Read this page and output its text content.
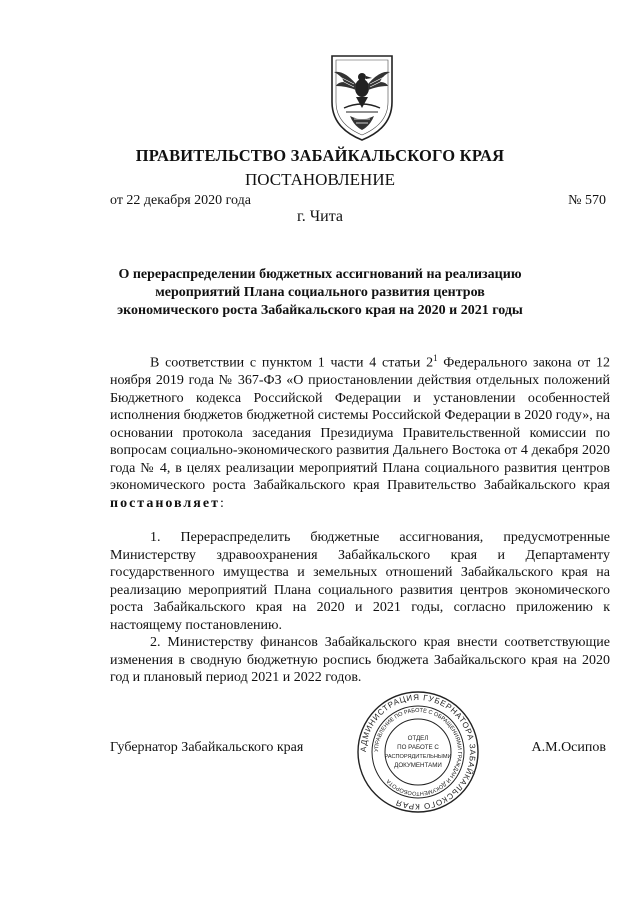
ПРАВИТЕЛЬСТВО ЗАБАЙКАЛЬСКОГО КРАЯ
ПОСТАНОВЛЕНИЕ
от 22 декабря 2020 года	№ 570
г. Чита
О перераспределении бюджетных ассигнований на реализацию мероприятий Плана социального развития центров экономического роста Забайкальского края на 2020 и 2021 годы

В соответствии с пунктом 1 части 4 статьи $2^1$ Федерального закона от 12 ноября 2019 года № 367-ФЗ «О приостановлении действия отдельных положений Бюджетного кодекса Российской Федерации и установлении особенностей исполнения бюджетов бюджетной системы Российской Федерации в 2020 году», на основании протокола заседания Президиума Правительственной комиссии по вопросам социально-экономического развития Дальнего Востока от 4 декабря 2020 года № 4, в целях реализации мероприятий Плана социального развития центров экономического роста Забайкальского края Правительство Забайкальского края постановляет:

1. Перераспределить бюджетные ассигнования, предусмотренные Министерству здравоохранения Забайкальского края и Департаменту государственного имущества и земельных отношений Забайкальского края на реализацию мероприятий Плана социального развития центров экономического роста Забайкальского края на 2020 и 2021 годы, согласно приложению к настоящему постановлению.

2. Министерству финансов Забайкальского края внести соответствующие изменения в сводную бюджетную роспись бюджета Забайкальского края на 2020 год и плановый период 2021 и 2022 годов.

Губернатор Забайкальского края	А.М.Осипов
АДМИНИСТРАЦИЯ ГУБЕРНАТОРА ЗАБАЙКАЛЬСКОГО КРАЯ
УПРАВЛЕНИЕ ПО РАБОТЕ С ОБРАЩЕНИЯМИ ГРАЖДАН И ДОКУМЕНТООБОРОТА
ОТДЕЛ
ПО РАБОТЕ С
РАСПОРЯДИТЕЛЬНЫМИ
ДОКУМЕНТАМИ
